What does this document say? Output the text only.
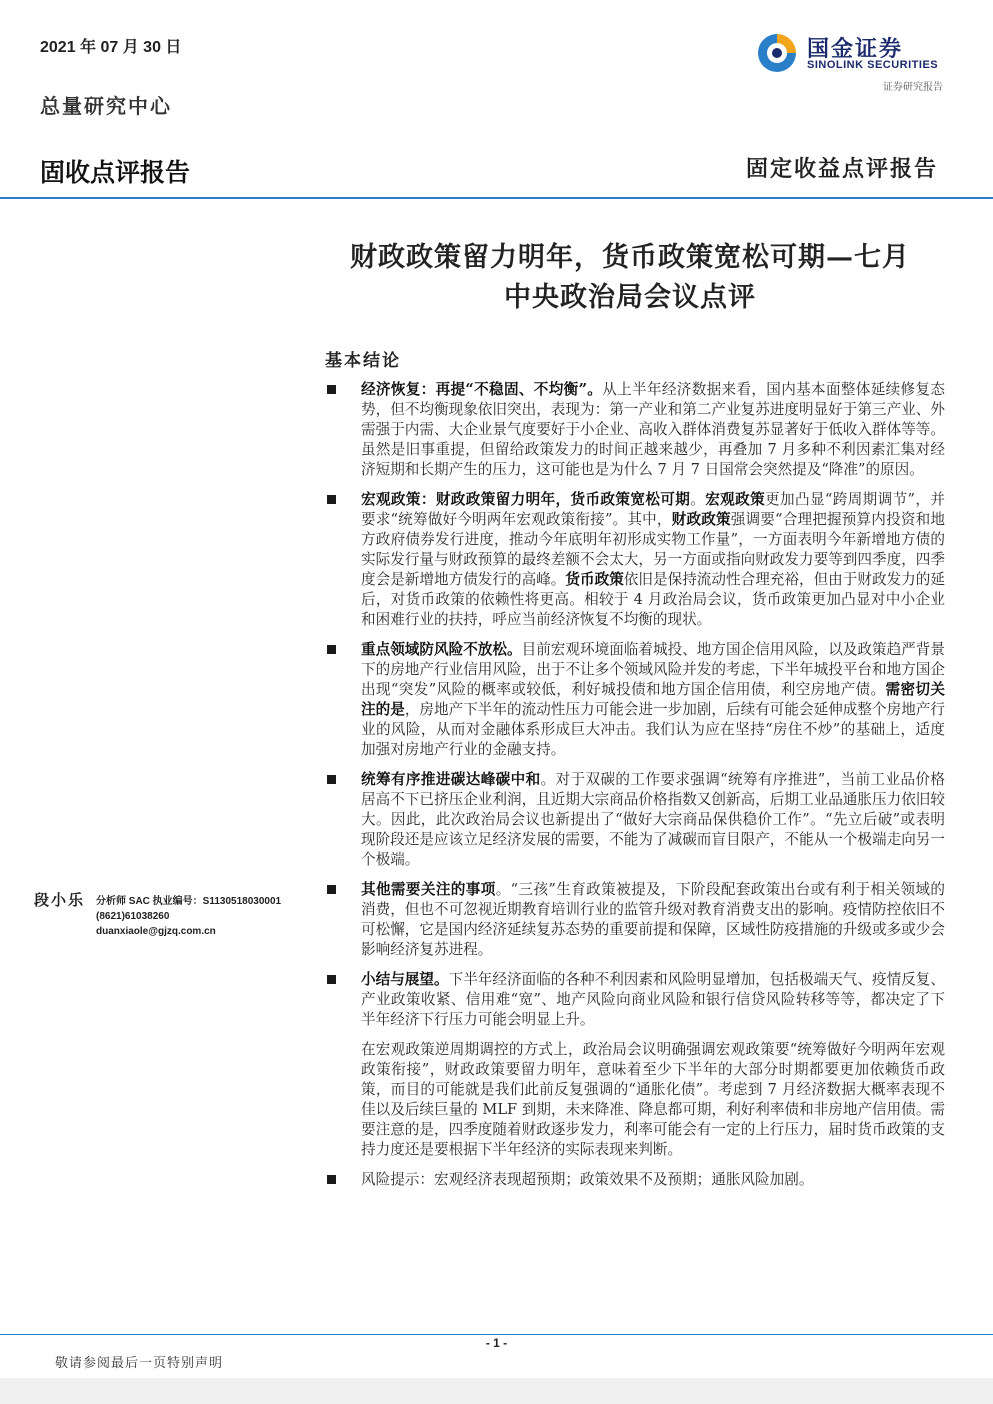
2021 年 07 月 30 日
总量研究中心
固收点评报告	固定收益点评报告
国金证券
SINOLINK SECURITIES
证券研究报告
财政政策留力明年，货币政策宽松可期—七月
中央政治局会议点评
基本结论
经济恢复：再提“不稳固、不均衡”。从上半年经济数据来看，国内基本面整体延续修复态势，但不均衡现象依旧突出，表现为：第一产业和第二产业复苏进度明显好于第三产业、外需强于内需、大企业景气度要好于小企业、高收入群体消费复苏显著好于低收入群体等等。虽然是旧事重提，但留给政策发力的时间正越来越少，再叠加 7 月多种不利因素汇集对经济短期和长期产生的压力，这可能也是为什么 7 月 7 日国常会突然提及“降准”的原因。
宏观政策：财政政策留力明年，货币政策宽松可期。宏观政策更加凸显“跨周期调节”，并要求“统筹做好今明两年宏观政策衔接”。其中，财政政策强调要“合理把握预算内投资和地方政府债券发行进度，推动今年底明年初形成实物工作量”，一方面表明今年新增地方债的实际发行量与财政预算的最终差额不会太大，另一方面或指向财政发力要等到四季度，四季度会是新增地方债发行的高峰。货币政策依旧是保持流动性合理充裕，但由于财政发力的延后，对货币政策的依赖性将更高。相较于 4 月政治局会议，货币政策更加凸显对中小企业和困难行业的扶持，呼应当前经济恢复不均衡的现状。
重点领域防风险不放松。目前宏观环境面临着城投、地方国企信用风险，以及政策趋严背景下的房地产行业信用风险，出于不让多个领域风险并发的考虑，下半年城投平台和地方国企出现“突发”风险的概率或较低，利好城投债和地方国企信用债，利空房地产债。需密切关注的是，房地产下半年的流动性压力可能会进一步加剧，后续有可能会延伸成整个房地产行业的风险，从而对金融体系形成巨大冲击。我们认为应在坚持“房住不炒”的基础上，适度加强对房地产行业的金融支持。
统筹有序推进碳达峰碳中和。对于双碳的工作要求强调“统筹有序推进”，当前工业品价格居高不下已挤压企业利润，且近期大宗商品价格指数又创新高，后期工业品通胀压力依旧较大。因此，此次政治局会议也新提出了“做好大宗商品保供稳价工作”。“先立后破”或表明现阶段还是应该立足经济发展的需要，不能为了减碳而盲目限产，不能从一个极端走向另一个极端。
其他需要关注的事项。“三孩”生育政策被提及，下阶段配套政策出台或有利于相关领域的消费，但也不可忽视近期教育培训行业的监管升级对教育消费支出的影响。疫情防控依旧不可松懈，它是国内经济延续复苏态势的重要前提和保障，区域性防疫措施的升级或多或少会影响经济复苏进程。
小结与展望。下半年经济面临的各种不利因素和风险明显增加，包括极端天气、疫情反复、产业政策收紧、信用难“宽”、地产风险向商业风险和银行信贷风险转移等等，都决定了下半年经济下行压力可能会明显上升。
在宏观政策逆周期调控的方式上，政治局会议明确强调宏观政策要“统筹做好今明两年宏观政策衔接”，财政政策要留力明年，意味着至少下半年的大部分时期都要更加依赖货币政策，而目的可能就是我们此前反复强调的“通胀化债”。考虑到 7 月经济数据大概率表现不佳以及后续巨量的 MLF 到期，未来降准、降息都可期，利好利率债和非房地产信用债。需要注意的是，四季度随着财政逐步发力，利率可能会有一定的上行压力，届时货币政策的支持力度还是要根据下半年经济的实际表现来判断。
风险提示：宏观经济表现超预期；政策效果不及预期；通胀风险加剧。
段小乐 分析师 SAC 执业编号：S1130518030001
(8621)61038260
duanxiaole@gjzq.com.cn
- 1 -
敬请参阅最后一页特别声明
